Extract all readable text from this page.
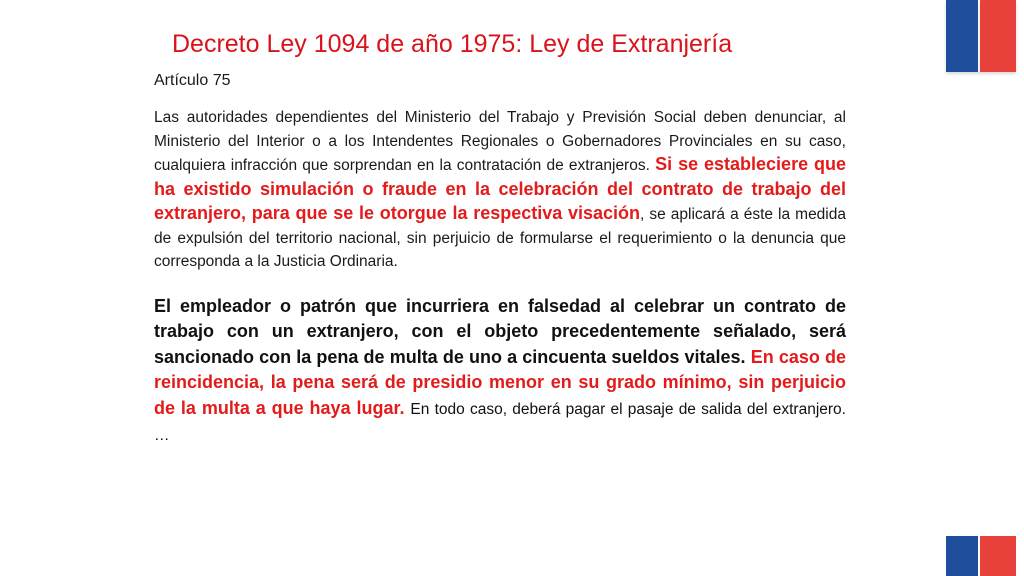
Decreto Ley 1094 de año 1975: Ley de Extranjería
Artículo 75

Las autoridades dependientes del Ministerio del Trabajo y Previsión Social deben denunciar, al Ministerio del Interior o a los Intendentes Regionales o Gobernadores Provinciales en su caso, cualquiera infracción que sorprendan en la contratación de extranjeros. Si se estableciere que ha existido simulación o fraude en la celebración del contrato de trabajo del extranjero, para que se le otorgue la respectiva visación, se aplicará a éste la medida de expulsión del territorio nacional, sin perjuicio de formularse el requerimiento o la denuncia que corresponda a la Justicia Ordinaria.

El empleador o patrón que incurriera en falsedad al celebrar un contrato de trabajo con un extranjero, con el objeto precedentemente señalado, será sancionado con la pena de multa de uno a cincuenta sueldos vitales. En caso de reincidencia, la pena será de presidio menor en su grado mínimo, sin perjuicio de la multa a que haya lugar. En todo caso, deberá pagar el pasaje de salida del extranjero. …
